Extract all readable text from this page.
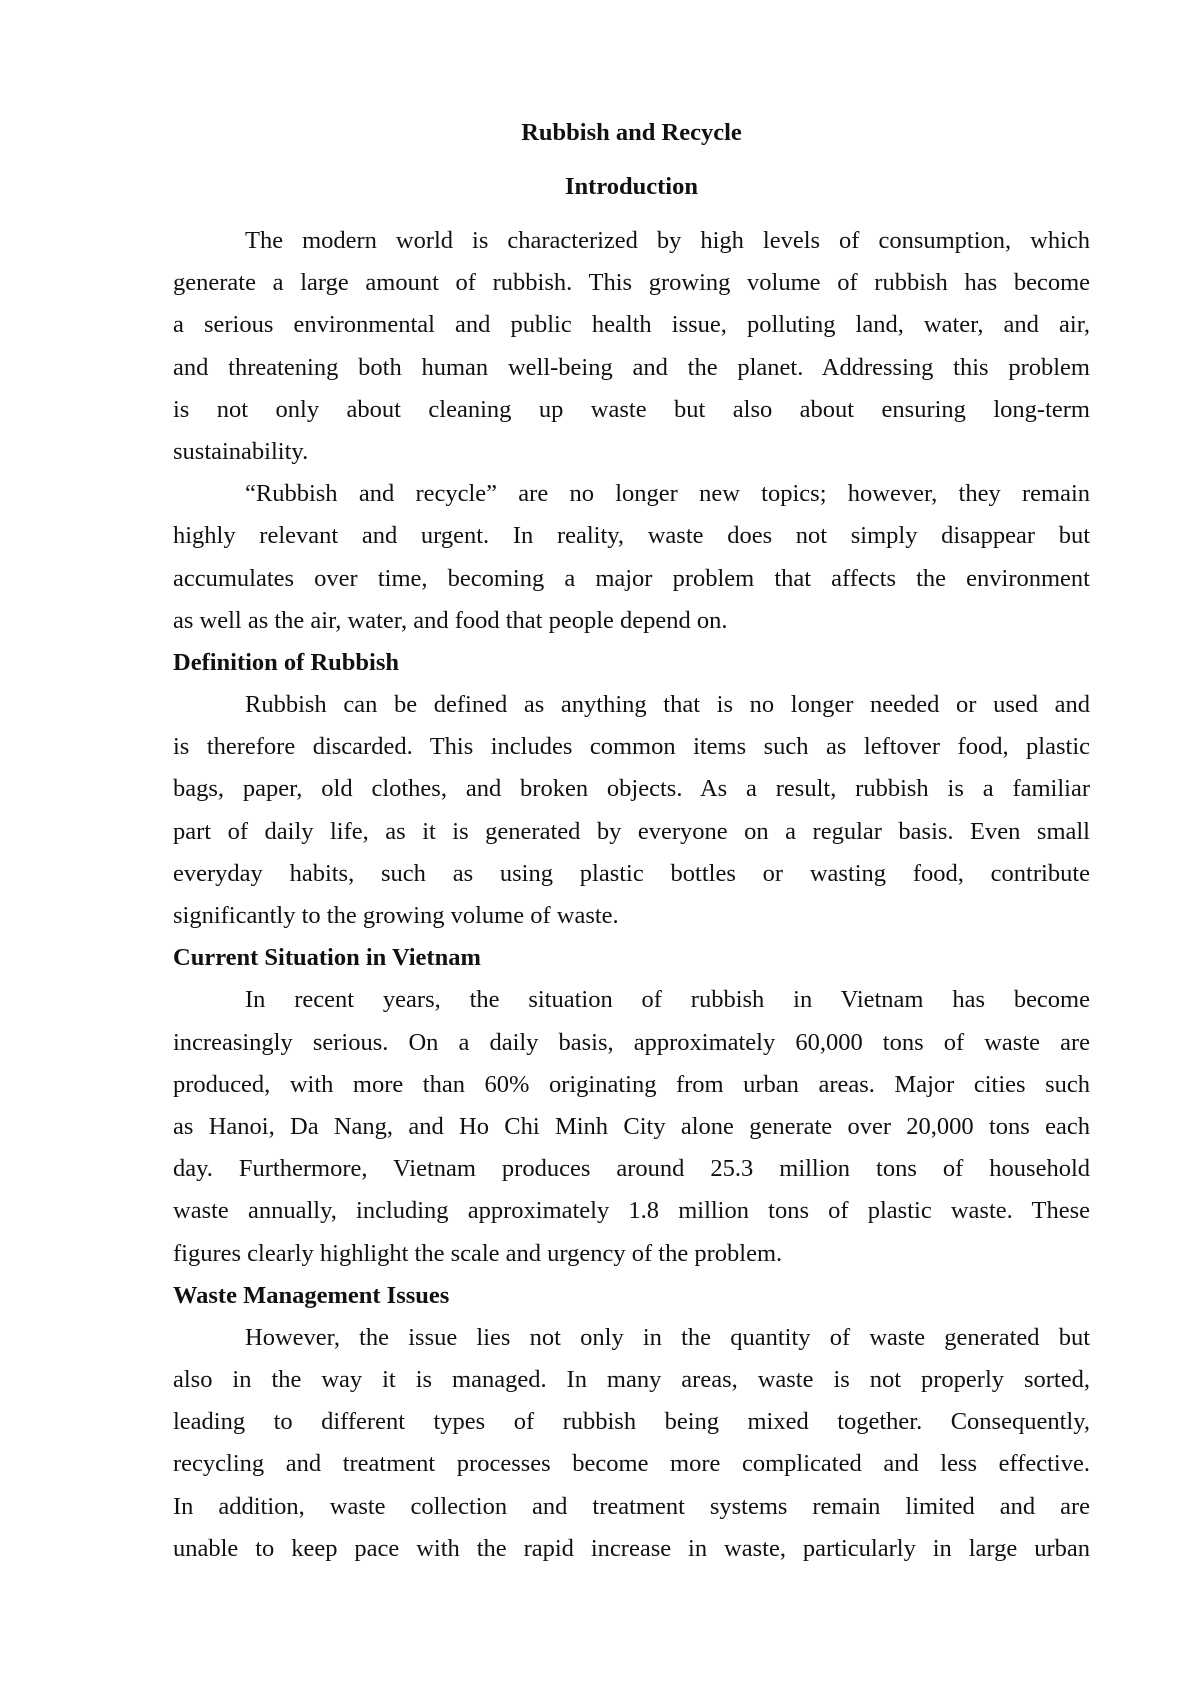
Rubbish and Recycle
Introduction
The modern world is characterized by high levels of consumption, which
generate a large amount of rubbish. This growing volume of rubbish has become
a serious environmental and public health issue, polluting land, water, and air,
and threatening both human well-being and the planet. Addressing this problem
is not only about cleaning up waste but also about ensuring long-term
sustainability.
“Rubbish and recycle” are no longer new topics; however, they remain
highly relevant and urgent. In reality, waste does not simply disappear but
accumulates over time, becoming a major problem that affects the environment
as well as the air, water, and food that people depend on.
Definition of Rubbish
Rubbish can be defined as anything that is no longer needed or used and
is therefore discarded. This includes common items such as leftover food, plastic
bags, paper, old clothes, and broken objects. As a result, rubbish is a familiar
part of daily life, as it is generated by everyone on a regular basis. Even small
everyday habits, such as using plastic bottles or wasting food, contribute
significantly to the growing volume of waste.
Current Situation in Vietnam
In recent years, the situation of rubbish in Vietnam has become
increasingly serious. On a daily basis, approximately 60,000 tons of waste are
produced, with more than 60% originating from urban areas. Major cities such
as Hanoi, Da Nang, and Ho Chi Minh City alone generate over 20,000 tons each
day. Furthermore, Vietnam produces around 25.3 million tons of household
waste annually, including approximately 1.8 million tons of plastic waste. These
figures clearly highlight the scale and urgency of the problem.
Waste Management Issues
However, the issue lies not only in the quantity of waste generated but
also in the way it is managed. In many areas, waste is not properly sorted,
leading to different types of rubbish being mixed together. Consequently,
recycling and treatment processes become more complicated and less effective.
In addition, waste collection and treatment systems remain limited and are
unable to keep pace with the rapid increase in waste, particularly in large urban
